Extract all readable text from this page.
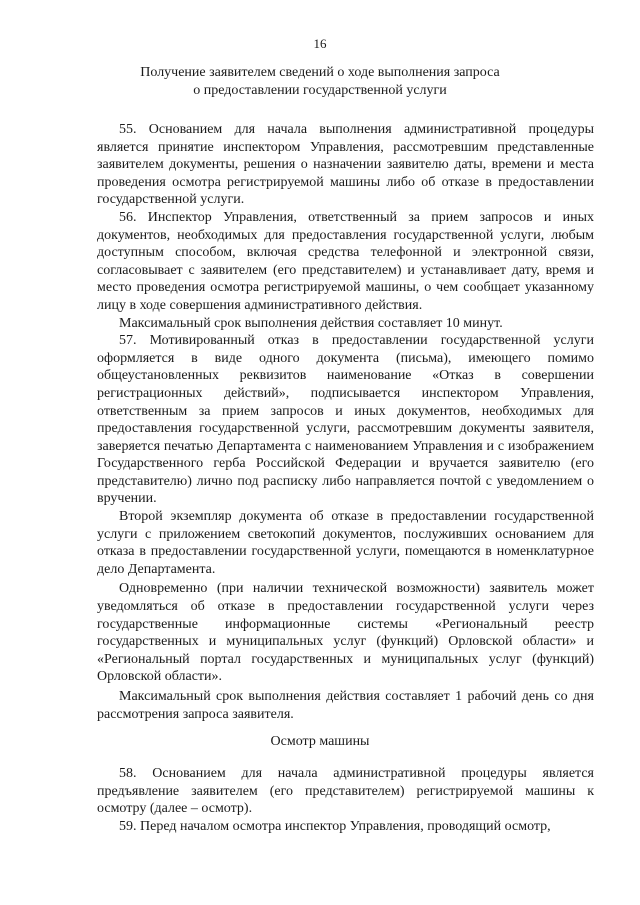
16
Получение заявителем сведений о ходе выполнения запроса
о предоставлении государственной услуги

55. Основанием для начала выполнения административной процедуры является принятие инспектором Управления, рассмотревшим представленные заявителем документы, решения о назначении заявителю даты, времени и места проведения осмотра регистрируемой машины либо об отказе в предоставлении государственной услуги.

56. Инспектор Управления, ответственный за прием запросов и иных документов, необходимых для предоставления государственной услуги, любым доступным способом, включая средства телефонной и электронной связи, согласовывает с заявителем (его представителем) и устанавливает дату, время и место проведения осмотра регистрируемой машины, о чем сообщает указанному лицу в ходе совершения административного действия.

Максимальный срок выполнения действия составляет 10 минут.

57. Мотивированный отказ в предоставлении государственной услуги оформляется в виде одного документа (письма), имеющего помимо общеустановленных реквизитов наименование «Отказ в совершении регистрационных действий», подписывается инспектором Управления, ответственным за прием запросов и иных документов, необходимых для предоставления государственной услуги, рассмотревшим документы заявителя, заверяется печатью Департамента с наименованием Управления и с изображением Государственного герба Российской Федерации и вручается заявителю (его представителю) лично под расписку либо направляется почтой с уведомлением о вручении.

Второй экземпляр документа об отказе в предоставлении государственной услуги с приложением светокопий документов, послуживших основанием для отказа в предоставлении государственной услуги, помещаются в номенклатурное дело Департамента.

Одновременно (при наличии технической возможности) заявитель может уведомляться об отказе в предоставлении государственной услуги через государственные информационные системы «Региональный реестр государственных и муниципальных услуг (функций) Орловской области» и «Региональный портал государственных и муниципальных услуг (функций) Орловской области».

Максимальный срок выполнения действия составляет 1 рабочий день со дня рассмотрения запроса заявителя.

Осмотр машины

58. Основанием для начала административной процедуры является предъявление заявителем (его представителем) регистрируемой машины к осмотру (далее – осмотр).

59. Перед началом осмотра инспектор Управления, проводящий осмотр,
